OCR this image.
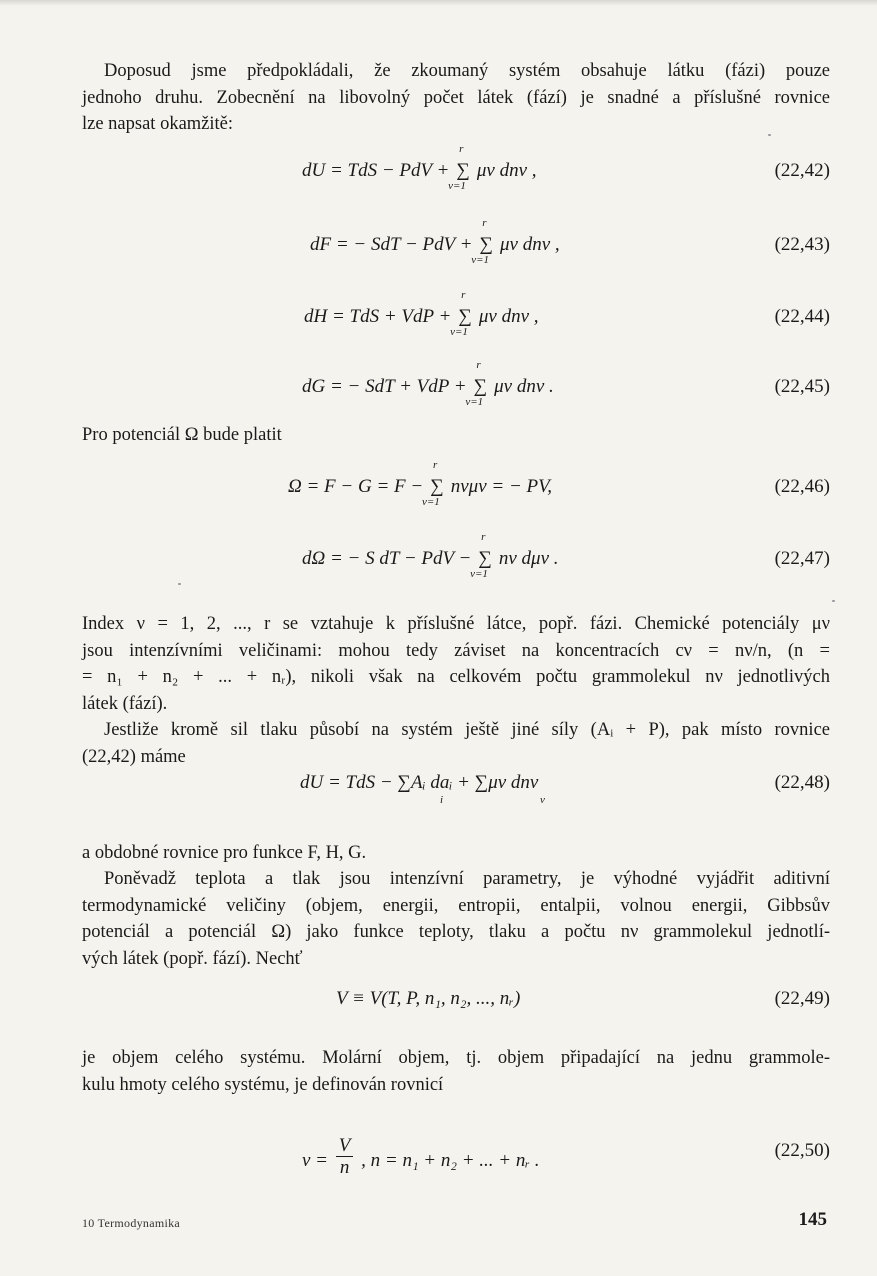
Doposud jsme předpokládali, že zkoumaný systém obsahuje látku (fázi) pouze
jednoho druhu. Zobecnění na libovolný počet látek (fází) je snadné a příslušné rovnice
lze napsat okamžitě:
dU = TdS − PdV + ∑
r
ν=1
μν dnν ,	(22,42)
dF = − SdT − PdV + ∑
r
ν=1
μν dnν ,	(22,43)
dH = TdS + VdP + ∑
r
ν=1
μν dnν ,	(22,44)
dG = − SdT + VdP + ∑
r
ν=1
μν dnν .	(22,45)
Pro potenciál Ω bude platit
Ω = F − G = F − ∑
r
ν=1
nνμν = − PV,	(22,46)
dΩ = − S dT − PdV − ∑
r
ν=1
nν dμν .	(22,47)
Index ν = 1, 2, ..., r se vztahuje k příslušné látce, popř. fázi. Chemické potenciály μν
jsou intenzívními veličinami: mohou tedy záviset na koncentracích cν = nν/n, (n =
= n₁ + n₂ + ... + nᵣ), nikoli však na celkovém počtu grammolekul nν jednotlivých
látek (fází).
Jestliže kromě sil tlaku působí na systém ještě jiné síly (Aᵢ + P), pak místo rovnice
(22,42) máme
dU = TdS − ∑Aᵢ daᵢ + ∑μν dnν
i	ν
(22,48)
a obdobné rovnice pro funkce F, H, G.
Poněvadž teplota a tlak jsou intenzívní parametry, je výhodné vyjádřit aditivní
termodynamické veličiny (objem, energii, entropii, entalpii, volnou energii, Gibbsův
potenciál a potenciál Ω) jako funkce teploty, tlaku a počtu nν grammolekul jednotlí-
vých látek (popř. fází). Nechť
V ≡ V(T, P, n₁, n₂, ..., nᵣ)	(22,49)
je objem celého systému. Molární objem, tj. objem připadající na jednu grammole-
kulu hmoty celého systému, je definován rovnicí
$v = \frac{V}{n}$ , n = n₁ + n₂ + ... + nᵣ .	(22,50)
10 Termodynamika	145
